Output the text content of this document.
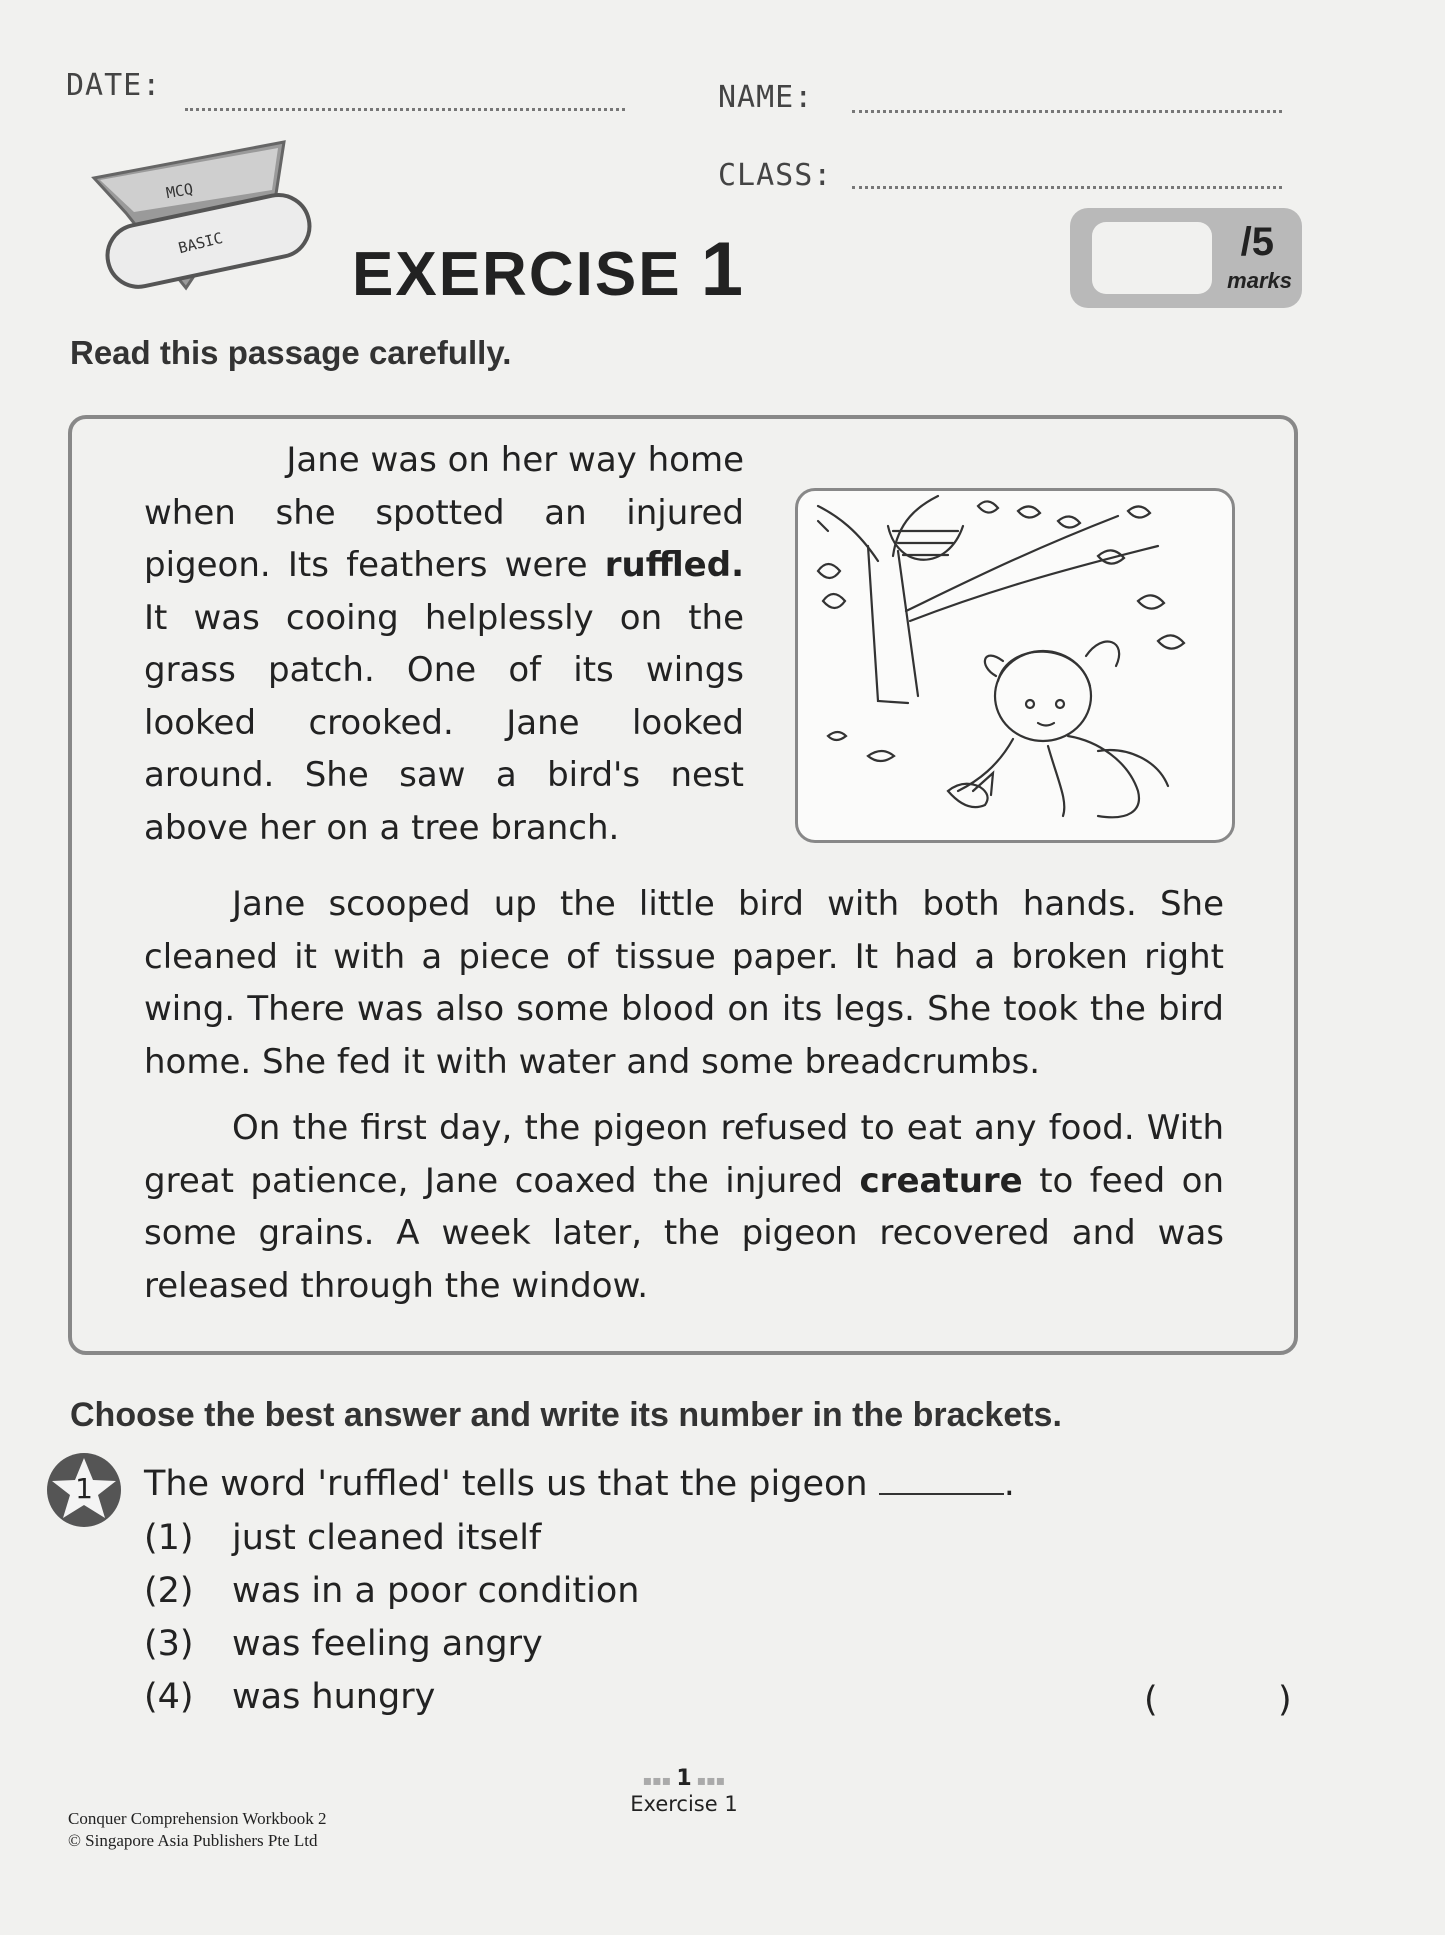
DATE:	NAME:
CLASS:
MCQ
BASIC EXERCISE 1	/5
marks
Read this passage carefully.
Jane was on her way home
when she spotted an injured
pigeon. Its feathers were ruffled.
It was cooing helplessly on the
grass patch. One of its wings
looked crooked. Jane looked
around. She saw a bird's nest
above her on a tree branch.

Jane scooped up the little bird with both hands. She cleaned it with a piece of tissue paper. It had a broken right wing. There was also some blood on its legs. She took the bird home. She fed it with water and some breadcrumbs.

On the first day, the pigeon refused to eat any food. With great patience, Jane coaxed the injured creature to feed on some grains. A week later, the pigeon recovered and was released through the window.

Choose the best answer and write its number in the brackets.
1	The word 'ruffled' tells us that the pigeon	.
(1) just cleaned itself
(2) was in a poor condition
(3) was feeling angry
(4) was hungry	(	)
▪▪▪ 1 ▪▪▪
Exercise 1
Conquer Comprehension Workbook 2
© Singapore Asia Publishers Pte Ltd
